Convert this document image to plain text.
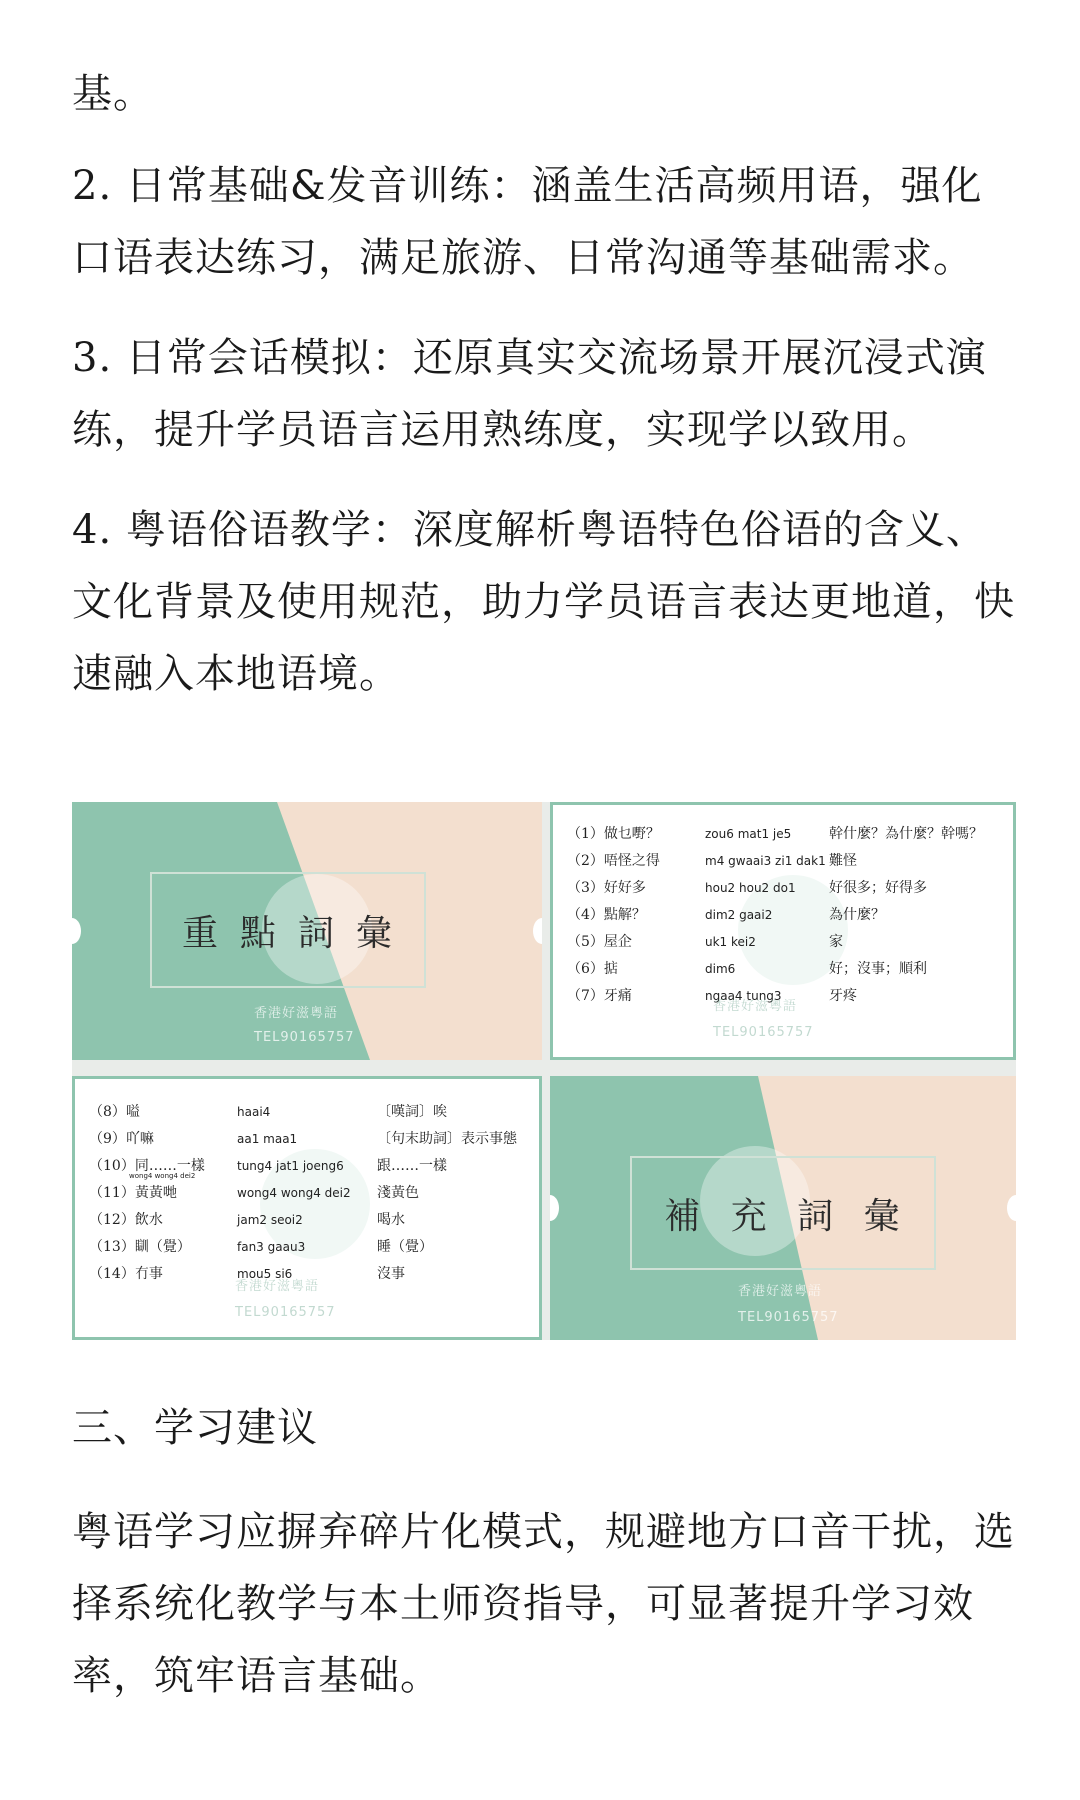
基。

2. 日常基础&发音训练：涵盖生活高频用语，强化口语表达练习，满足旅游、日常沟通等基础需求。

3. 日常会话模拟：还原真实交流场景开展沉浸式演练，提升学员语言运用熟练度，实现学以致用。

4. 粤语俗语教学：深度解析粤语特色俗语的含义、文化背景及使用规范，助力学员语言表达更地道，快速融入本地语境。

重 點 詞 彙
香港好滋粵語
TEL90165757
（1）做乜嘢？	zou6 mat1 je5	幹什麼？為什麼？幹嗎？
（2）唔怪之得	m4 gwaai3 zi1 dak1 難怪
（3）好好多	hou2 hou2 do1 好很多；好得多
（4）點解？	dim2 gaai2	為什麼？
（5）屋企	uk1 kei2	家
（6）掂	dim6	好；沒事；順利
（7）牙痛	ngaa4 tung3	牙疼
香港好滋粵語
TEL90165757
（8）嗌	haai4	〔嘆詞〕唉
（9）吖嘛	aa1 maa1	〔句末助詞〕表示事態
（10）同……一樣	tung4 jat1 joeng6 跟……一樣
wong4 wong4 dei2
（11）黃黃哋	wong4 wong4 dei2 淺黃色
（12）飲水	jam2 seoi2	喝水
（13）瞓（覺）	fan3 gaau3	睡（覺）
（14）冇事	mou5 si6	沒事
香港好滋粵語
TEL90165757
補 充 詞 彙
香港好滋粵語
TEL90165757

三、学习建议

粤语学习应摒弃碎片化模式，规避地方口音干扰，选择系统化教学与本土师资指导，可显著提升学习效率，筑牢语言基础。
